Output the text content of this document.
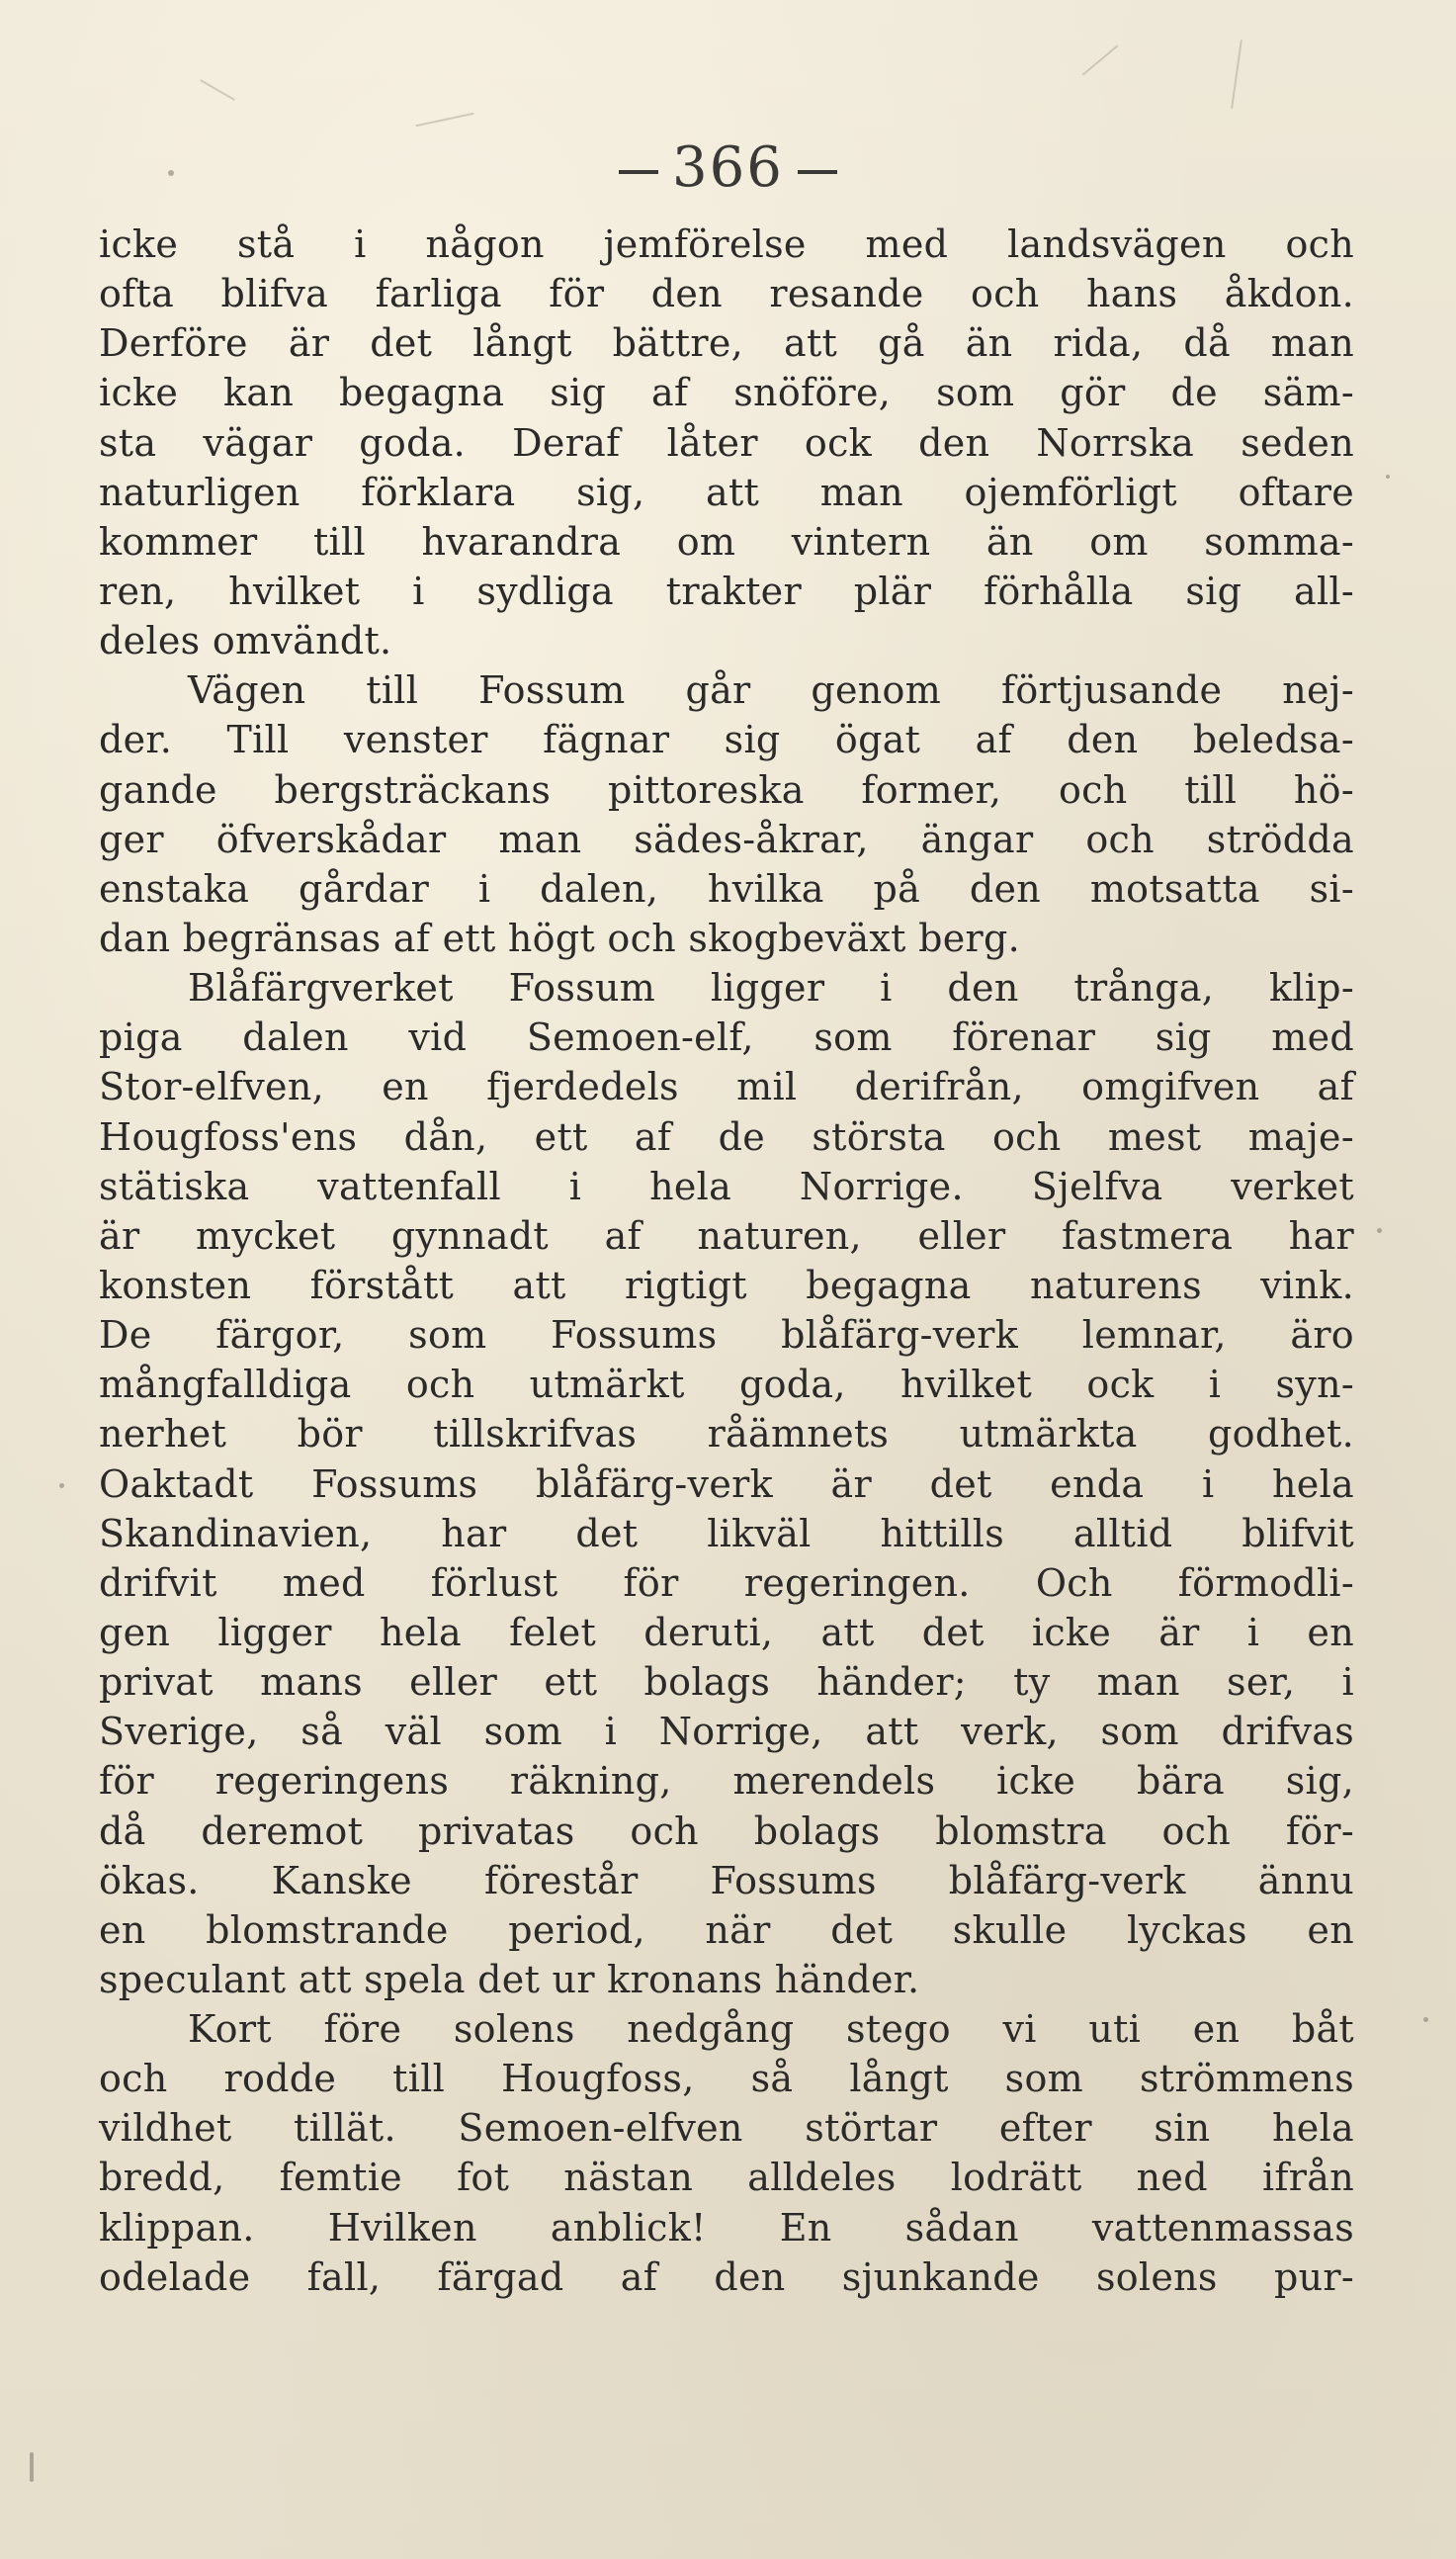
366
icke stå i någon jemförelse med landsvägen och
ofta blifva farliga för den resande och hans åkdon.
Derföre är det långt bättre, att gå än rida, då man
icke kan begagna sig af snöföre, som gör de säm-
sta vägar goda. Deraf låter ock den Norrska seden
naturligen förklara sig, att man ojemförligt oftare
kommer till hvarandra om vintern än om somma-
ren, hvilket i sydliga trakter plär förhålla sig all-
deles omvändt.
Vägen till Fossum går genom förtjusande nej-
der. Till venster fägnar sig ögat af den beledsa-
gande bergsträckans pittoreska former, och till hö-
ger öfverskådar man sädes-åkrar, ängar och strödda
enstaka gårdar i dalen, hvilka på den motsatta si-
dan begränsas af ett högt och skogbeväxt berg.
Blåfärgverket Fossum ligger i den trånga, klip-
piga dalen vid Semoen-elf, som förenar sig med
Stor-elfven, en fjerdedels mil derifrån, omgifven af
Hougfoss'ens dån, ett af de största och mest maje-
stätiska vattenfall i hela Norrige. Sjelfva verket
är mycket gynnadt af naturen, eller fastmera har
konsten förstått att rigtigt begagna naturens vink.
De färgor, som Fossums blåfärg-verk lemnar, äro
mångfalldiga och utmärkt goda, hvilket ock i syn-
nerhet bör tillskrifvas råämnets utmärkta godhet.
Oaktadt Fossums blåfärg-verk är det enda i hela
Skandinavien, har det likväl hittills alltid blifvit
drifvit med förlust för regeringen. Och förmodli-
gen ligger hela felet deruti, att det icke är i en
privat mans eller ett bolags händer; ty man ser, i
Sverige, så väl som i Norrige, att verk, som drifvas
för regeringens räkning, merendels icke bära sig,
då deremot privatas och bolags blomstra och för-
ökas. Kanske förestår Fossums blåfärg-verk ännu
en blomstrande period, när det skulle lyckas en
speculant att spela det ur kronans händer.
Kort före solens nedgång stego vi uti en båt
och rodde till Hougfoss, så långt som strömmens
vildhet tillät. Semoen-elfven störtar efter sin hela
bredd, femtie fot nästan alldeles lodrätt ned ifrån
klippan. Hvilken anblick! En sådan vattenmassas
odelade fall, färgad af den sjunkande solens pur-
